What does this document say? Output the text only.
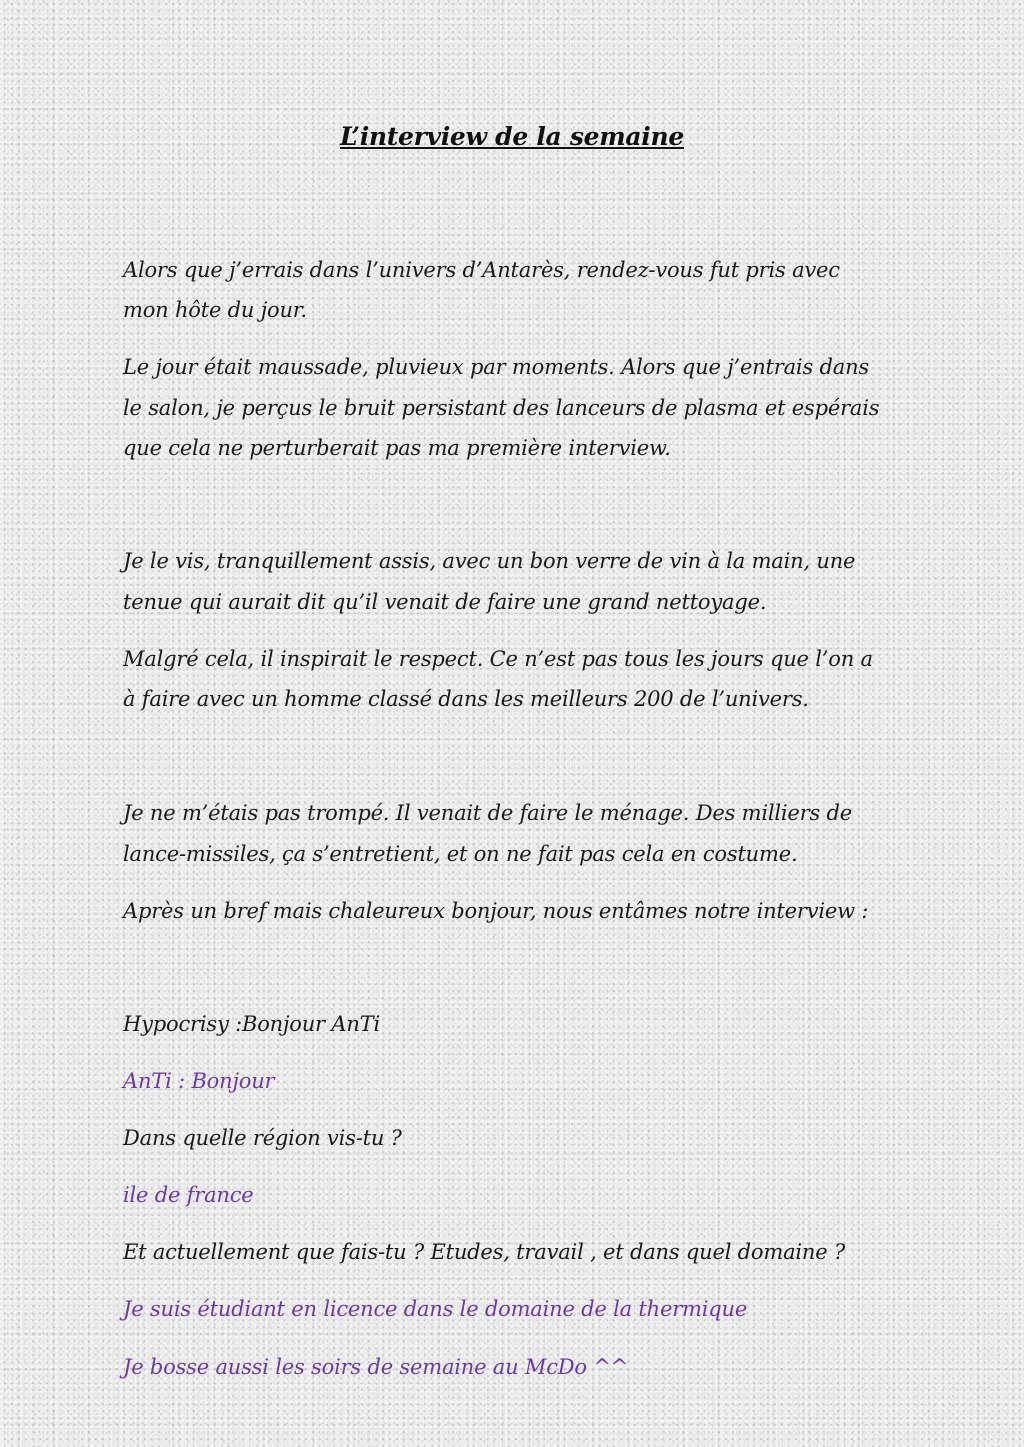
L’interview de la semaine

Alors que j’errais dans l’univers d’Antarès, rendez-vous fut pris avec

mon hôte du jour.

Le jour était maussade, pluvieux par moments. Alors que j’entrais dans

le salon, je perçus le bruit persistant des lanceurs de plasma et espérais

que cela ne perturberait pas ma première interview.

Je le vis, tranquillement assis, avec un bon verre de vin à la main, une

tenue qui aurait dit qu’il venait de faire une grand nettoyage.

Malgré cela, il inspirait le respect. Ce n’est pas tous les jours que l’on a

à faire avec un homme classé dans les meilleurs 200 de l’univers.

Je ne m’étais pas trompé. Il venait de faire le ménage. Des milliers de

lance-missiles, ça s’entretient, et on ne fait pas cela en costume.

Après un bref mais chaleureux bonjour, nous entâmes notre interview :

Hypocrisy :Bonjour AnTi

AnTi : Bonjour

Dans quelle région vis-tu ?

ile de france

Et actuellement que fais-tu ? Etudes, travail , et dans quel domaine ?

Je suis étudiant en licence dans le domaine de la thermique

Je bosse aussi les soirs de semaine au McDo ^^
